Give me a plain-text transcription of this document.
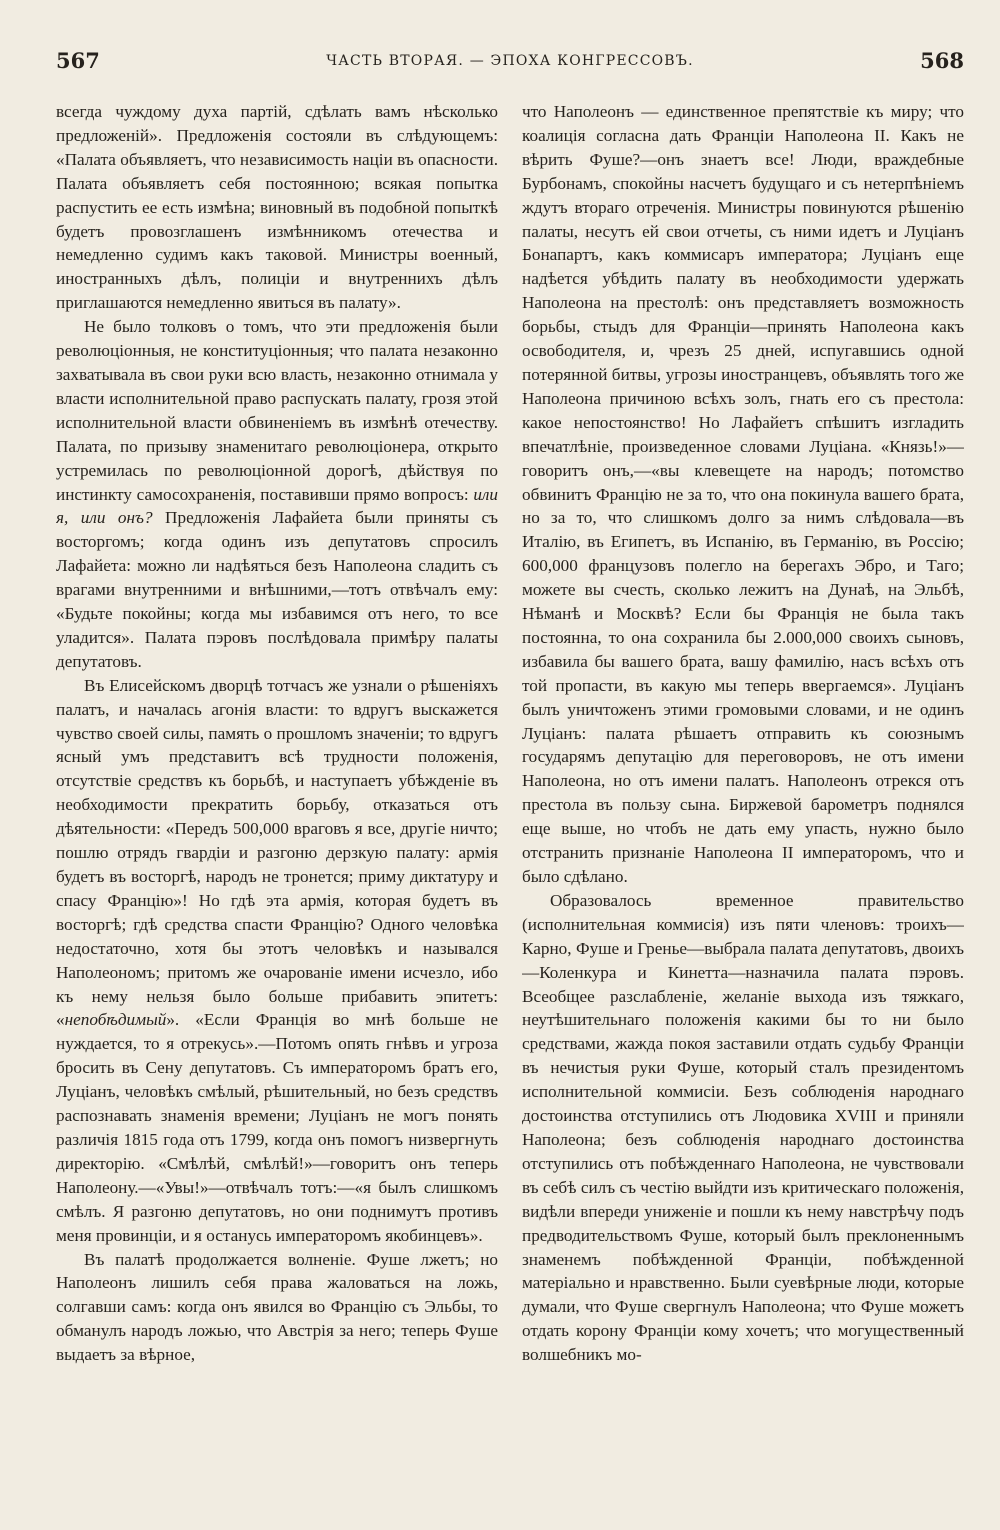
567	ЧАСТЬ ВТОРАЯ. — ЭПОХА КОНГРЕССОВЪ.	568

всегда чуждому духа партій, сдѣлать вамъ нѣсколько предложеній». Предложенія состояли въ слѣдующемъ: «Палата объявляетъ, что независимость націи въ опасности. Палата объявляетъ себя постоянною; всякая попытка распустить ее есть измѣна; виновный въ подобной попыткѣ будетъ провозглашенъ измѣнникомъ отечества и немедленно судимъ какъ таковой. Министры военный, иностранныхъ дѣлъ, полиціи и внутреннихъ дѣлъ приглашаются немедленно явиться въ палату».

Не было толковъ о томъ, что эти предложенія были революціонныя, не конституціонныя; что палата незаконно захватывала въ свои руки всю власть, незаконно отнимала у власти исполнительной право распускать палату, грозя этой исполнительной власти обвиненіемъ въ измѣнѣ отечеству. Палата, по призыву знаменитаго революціонера, открыто устремилась по революціонной дорогѣ, дѣйствуя по инстинкту самосохраненія, поставивши прямо вопросъ: или я, или онъ? Предложенія Лафайета были приняты съ восторгомъ; когда одинъ изъ депутатовъ спросилъ Лафайета: можно ли надѣяться безъ Наполеона сладить съ врагами внутренними и внѣшними,—тотъ отвѣчалъ ему: «Будьте покойны; когда мы избавимся отъ него, то все уладится». Палата пэровъ послѣдовала примѣру палаты депутатовъ.

Въ Елисейскомъ дворцѣ тотчасъ же узнали о рѣшеніяхъ палатъ, и началась агонія власти: то вдругъ выскажется чувство своей силы, память о прошломъ значеніи; то вдругъ ясный умъ представитъ всѣ трудности положенія, отсутствіе средствъ къ борьбѣ, и наступаетъ убѣжденіе въ необходимости прекратить борьбу, отказаться отъ дѣятельности: «Передъ 500,000 враговъ я все, другіе ничто; пошлю отрядъ гвардіи и разгоню дерзкую палату: армія будетъ въ восторгѣ, народъ не тронется; приму диктатуру и спасу Францію»! Но гдѣ эта армія, которая будетъ въ восторгѣ; гдѣ средства спасти Францію? Одного человѣка недостаточно, хотя бы этотъ человѣкъ и назывался Наполеономъ; притомъ же очарованіе имени исчезло, ибо къ нему нельзя было больше прибавить эпитетъ: «непобѣдимый». «Если Франція во мнѣ больше не нуждается, то я отрекусь».—Потомъ опять гнѣвъ и угроза бросить въ Сену депутатовъ. Съ императоромъ братъ его, Луціанъ, человѣкъ смѣлый, рѣшительный, но безъ средствъ распознавать знаменія времени; Луціанъ не могъ понять различія 1815 года отъ 1799, когда онъ помогъ низвергнуть директорію. «Смѣлѣй, смѣлѣй!»—говоритъ онъ теперь Наполеону.—«Увы!»—отвѣчалъ тотъ:—«я былъ слишкомъ смѣлъ. Я разгоню депутатовъ, но они поднимутъ противъ меня провинціи, и я останусь императоромъ якобинцевъ».

Въ палатѣ продолжается волненіе. Фуше лжетъ; но Наполеонъ лишилъ себя права жаловаться на ложь, солгавши самъ: когда онъ явился во Францію съ Эльбы, то обманулъ народъ ложью, что Австрія за него; теперь Фуше выдаетъ за вѣрное,

что Наполеонъ — единственное препятствіе къ миру; что коалиція согласна дать Франціи Наполеона II. Какъ не вѣрить Фуше?—онъ знаетъ все! Люди, враждебные Бурбонамъ, спокойны насчетъ будущаго и съ нетерпѣніемъ ждутъ втораго отреченія. Министры повинуются рѣшенію палаты, несутъ ей свои отчеты, съ ними идетъ и Луціанъ Бонапартъ, какъ коммисаръ императора; Луціанъ еще надѣется убѣдить палату въ необходимости удержать Наполеона на престолѣ: онъ представляетъ возможность борьбы, стыдъ для Франціи—принять Наполеона какъ освободителя, и, чрезъ 25 дней, испугавшись одной потерянной битвы, угрозы иностранцевъ, объявлять того же Наполеона причиною всѣхъ золъ, гнать его съ престола: какое непостоянство! Но Лафайетъ спѣшитъ изгладить впечатлѣніе, произведенное словами Луціана. «Князь!»—говоритъ онъ,—«вы клевещете на народъ; потомство обвинитъ Францію не за то, что она покинула вашего брата, но за то, что слишкомъ долго за нимъ слѣдовала—въ Италію, въ Египетъ, въ Испанію, въ Германію, въ Россію; 600,000 французовъ полегло на берегахъ Эбро, и Таго; можете вы счесть, сколько лежитъ на Дунаѣ, на Эльбѣ, Нѣманѣ и Москвѣ? Если бы Франція не была такъ постоянна, то она сохранила бы 2.000,000 своихъ сыновъ, избавила бы вашего брата, вашу фамилію, насъ всѣхъ отъ той пропасти, въ какую мы теперь ввергаемся». Луціанъ былъ уничтоженъ этими громовыми словами, и не одинъ Луціанъ: палата рѣшаетъ отправить къ союзнымъ государямъ депутацію для переговоровъ, не отъ имени Наполеона, но отъ имени палатъ. Наполеонъ отрекся отъ престола въ пользу сына. Биржевой барометръ поднялся еще выше, но чтобъ не дать ему упасть, нужно было отстранить признаніе Наполеона II императоромъ, что и было сдѣлано.

Образовалось временное правительство (исполнительная коммисія) изъ пяти членовъ: троихъ—Карно, Фуше и Гренье—выбрала палата депутатовъ, двоихъ—Коленкура и Кинетта—назначила палата пэровъ. Всеобщее разслабленіе, желаніе выхода изъ тяжкаго, неутѣшительнаго положенія какими бы то ни было средствами, жажда покоя заставили отдать судьбу Франціи въ нечистыя руки Фуше, который сталъ президентомъ исполнительной коммисіи. Безъ соблюденія народнаго достоинства отступились отъ Людовика XVIII и приняли Наполеона; безъ соблюденія народнаго достоинства отступились отъ побѣжденнаго Наполеона, не чувствовали въ себѣ силъ съ честію выйдти изъ критическаго положенія, видѣли впереди униженіе и пошли къ нему навстрѣчу подъ предводительствомъ Фуше, который былъ преклоненнымъ знаменемъ побѣжденной Франціи, побѣжденной матеріально и нравственно. Были суевѣрные люди, которые думали, что Фуше свергнулъ Наполеона; что Фуше можетъ отдать корону Франціи кому хочетъ; что могущественный волшебникъ мо-
